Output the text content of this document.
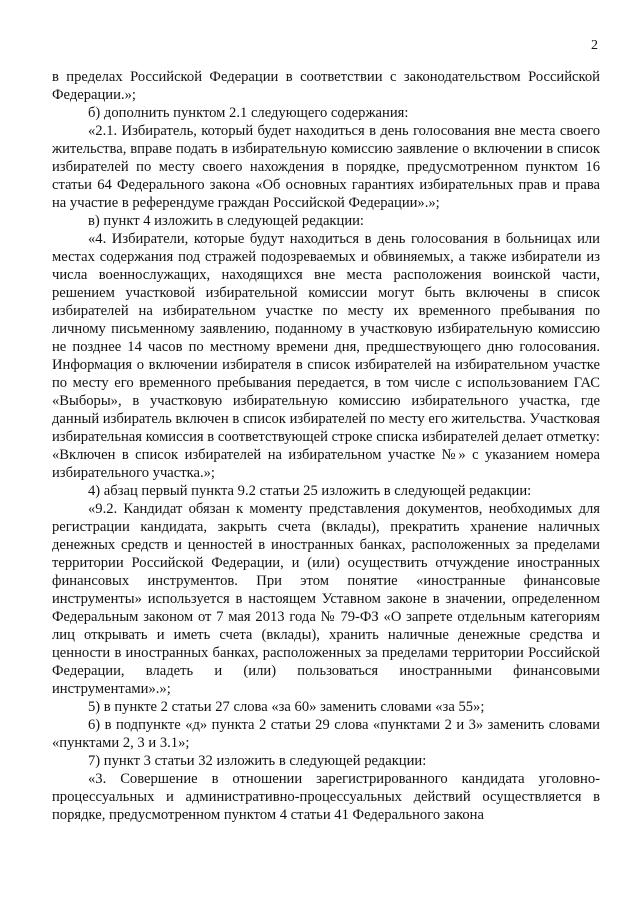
2

в пределах Российской Федерации в соответствии с законодательством Российской Федерации.»;

б) дополнить пунктом 2.1 следующего содержания:

«2.1. Избиратель, который будет находиться в день голосования вне места своего жительства, вправе подать в избирательную комиссию заявление о включении в список избирателей по месту своего нахождения в порядке, предусмотренном пунктом 16 статьи 64 Федерального закона «Об основных гарантиях избирательных прав и права на участие в референдуме граждан Российской Федерации».»;

в) пункт 4 изложить в следующей редакции:

«4. Избиратели, которые будут находиться в день голосования в больницах или местах содержания под стражей подозреваемых и обвиняемых, а также избиратели из числа военнослужащих, находящихся вне места расположения воинской части, решением участковой избирательной комиссии могут быть включены в список избирателей на избирательном участке по месту их временного пребывания по личному письменному заявлению, поданному в участковую избирательную комиссию не позднее 14 часов по местному времени дня, предшествующего дню голосования. Информация о включении избирателя в список избирателей на избирательном участке по месту его временного пребывания передается, в том числе с использованием ГАС «Выборы», в участковую избирательную комиссию избирательного участка, где данный избиратель включен в список избирателей по месту его жительства. Участковая избирательная комиссия в соответствующей строке списка избирателей делает отметку: «Включен в список избирателей на избирательном участке №» с указанием номера избирательного участка.»;

4) абзац первый пункта 9.2 статьи 25 изложить в следующей редакции:

«9.2. Кандидат обязан к моменту представления документов, необходимых для регистрации кандидата, закрыть счета (вклады), прекратить хранение наличных денежных средств и ценностей в иностранных банках, расположенных за пределами территории Российской Федерации, и (или) осуществить отчуждение иностранных финансовых инструментов. При этом понятие «иностранные финансовые инструменты» используется в настоящем Уставном законе в значении, определенном Федеральным законом от 7 мая 2013 года № 79-ФЗ «О запрете отдельным категориям лиц открывать и иметь счета (вклады), хранить наличные денежные средства и ценности в иностранных банках, расположенных за пределами территории Российской Федерации, владеть и (или) пользоваться иностранными финансовыми инструментами».»;

5) в пункте 2 статьи 27 слова «за 60» заменить словами «за 55»;

6) в подпункте «д» пункта 2 статьи 29 слова «пунктами 2 и 3» заменить словами «пунктами 2, 3 и 3.1»;

7) пункт 3 статьи 32 изложить в следующей редакции:

«3. Совершение в отношении зарегистрированного кандидата уголовно-процессуальных и административно-процессуальных действий осуществляется в порядке, предусмотренном пунктом 4 статьи 41 Федерального закона
